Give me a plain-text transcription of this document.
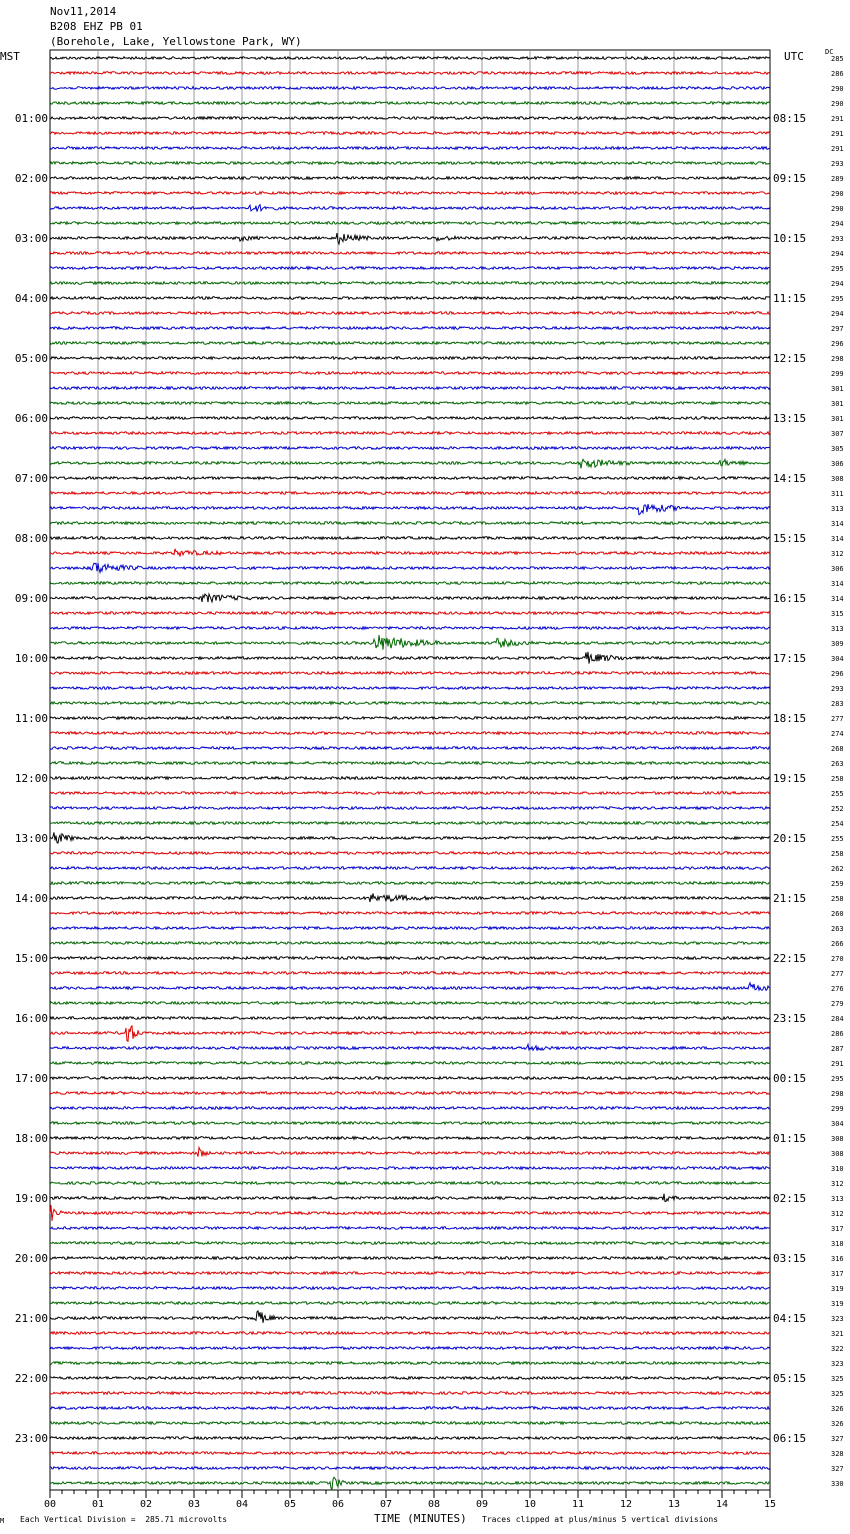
Nov11,2014
B208 EHZ PB 01
(Borehole, Lake, Yellowstone Park, WY)
MST	UTC	DC
285
286
290
290
291
291
291
293
289
290
290
294
293
294
295
294
295
294
297
296
298
299
301
301
301
307
305
306
308
311
313
314
314
312
306
314
314
315
313
309
304
296
293
283
277
274
268
263
258
255
252
254
255
258
262
259
258
260
263
266
270
277
276
279
284
286
287
291
295
298
299
304
308
308
310
312
313
312
317
318
316
317
319
319
323
321
322
323
325
325
326
326
327
328
327
330
01:00
02:00
03:00
04:00
05:00
06:00
07:00
08:00
09:00
10:00
11:00
12:00
13:00
14:00
15:00
16:00
17:00
18:00
19:00
20:00
21:00
22:00
23:00
08:15
09:15
10:15
11:15
12:15
13:15
14:15
15:15
16:15
17:15
18:15
19:15
20:15
21:15
22:15
23:15
00:15
01:15
02:15
03:15
04:15
05:15
06:15
00	01	02	03	04	05	06	07	08	09	10	11	12	13	14	15
M Each Vertical Division =  285.71 microvolts	TIME (MINUTES) Traces clipped at plus/minus 5 vertical divisions
